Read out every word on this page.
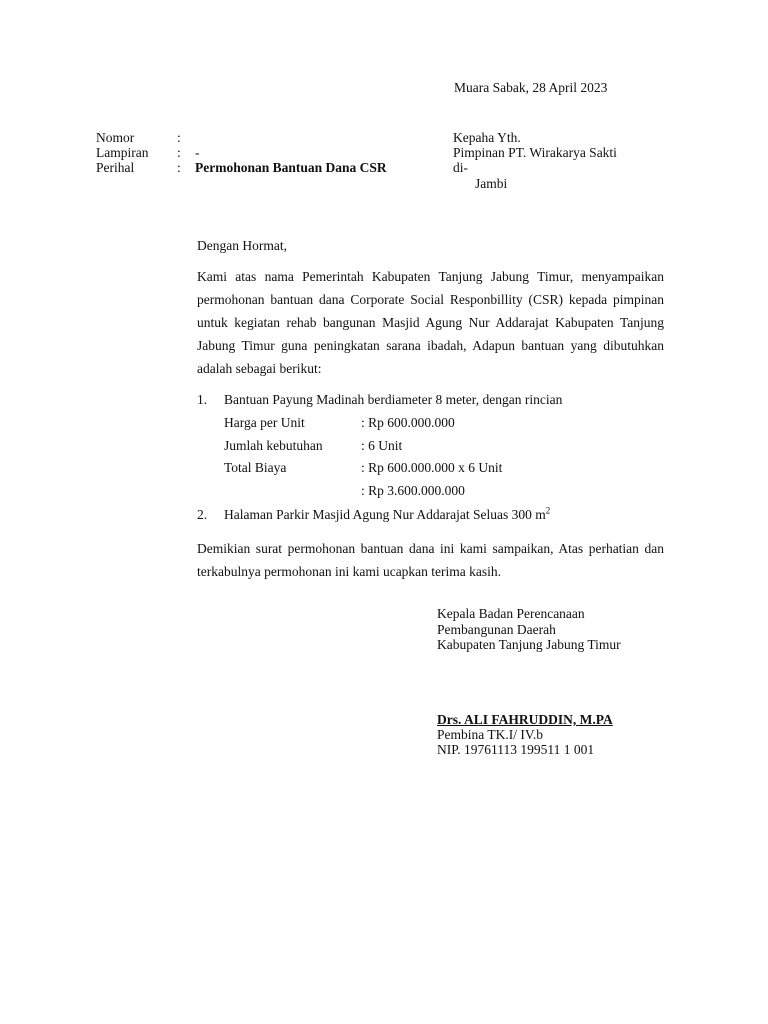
Muara Sabak, 28 April 2023
Nomor	:
Lampiran : -
Perihal	: Permohonan Bantuan Dana CSR
Kepaha Yth.
Pimpinan PT. Wirakarya Sakti
di-
Jambi
Dengan Hormat,
Kami atas nama Pemerintah Kabupaten Tanjung Jabung Timur, menyampaikan permohonan bantuan dana Corporate Social Responbillity (CSR) kepada pimpinan untuk kegiatan rehab bangunan Masjid Agung Nur Addarajat Kabupaten Tanjung Jabung Timur guna peningkatan sarana ibadah, Adapun bantuan yang dibutuhkan adalah sebagai berikut:
1. Bantuan Payung Madinah berdiameter 8 meter, dengan rincian
Harga per Unit	: Rp 600.000.000
Jumlah kebutuhan	: 6 Unit
Total Biaya	: Rp 600.000.000 x 6 Unit
: Rp 3.600.000.000
2. Halaman Parkir Masjid Agung Nur Addarajat Seluas 300 $m^2$
Demikian surat permohonan bantuan dana ini kami sampaikan, Atas perhatian dan terkabulnya permohonan ini kami ucapkan terima kasih.
Kepala Badan Perencanaan
Pembangunan Daerah
Kabupaten Tanjung Jabung Timur
Drs. ALI FAHRUDDIN, M.PA
Pembina TK.I/ IV.b
NIP. 19761113 199511 1 001
